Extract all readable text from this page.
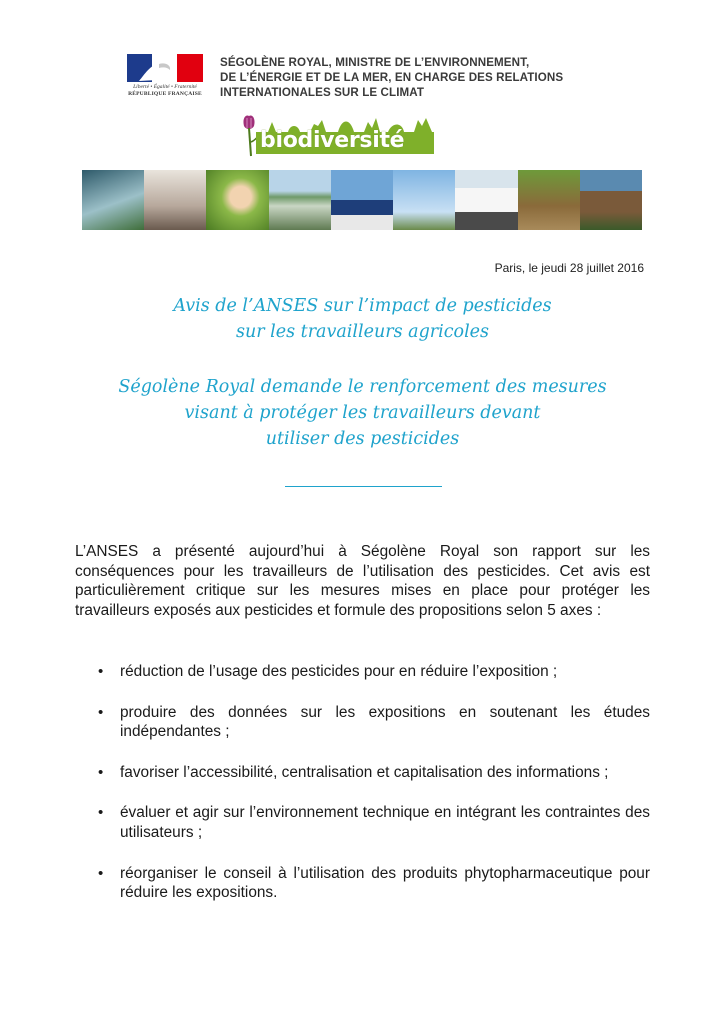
Liberté • Égalité • Fraternité
RÉPUBLIQUE FRANÇAISE
SÉGOLÈNE ROYAL, MINISTRE DE L’ENVIRONNEMENT,
DE L’ÉNERGIE ET DE LA MER, EN CHARGE DES RELATIONS
INTERNATIONALES SUR LE CLIMAT
biodiversité
Paris, le jeudi 28 juillet 2016
Avis de l’ANSES sur l’impact de pesticides
sur les travailleurs agricoles
Ségolène Royal demande le renforcement des mesures
visant à protéger les travailleurs devant
utiliser des pesticides
L’ANSES a présenté aujourd’hui à Ségolène Royal son rapport sur les conséquences pour les travailleurs de l’utilisation des pesticides. Cet avis est particulièrement critique sur les mesures mises en place pour protéger les travailleurs exposés aux pesticides et formule des propositions selon 5 axes :
• réduction de l’usage des pesticides pour en réduire l’exposition ;
• produire des données sur les expositions en soutenant les études indépendantes ;
• favoriser l’accessibilité, centralisation et capitalisation des informations ;
• évaluer et agir sur l’environnement technique en intégrant les contraintes des utilisateurs ;
• réorganiser le conseil à l’utilisation des produits phytopharmaceutique pour réduire les expositions.
